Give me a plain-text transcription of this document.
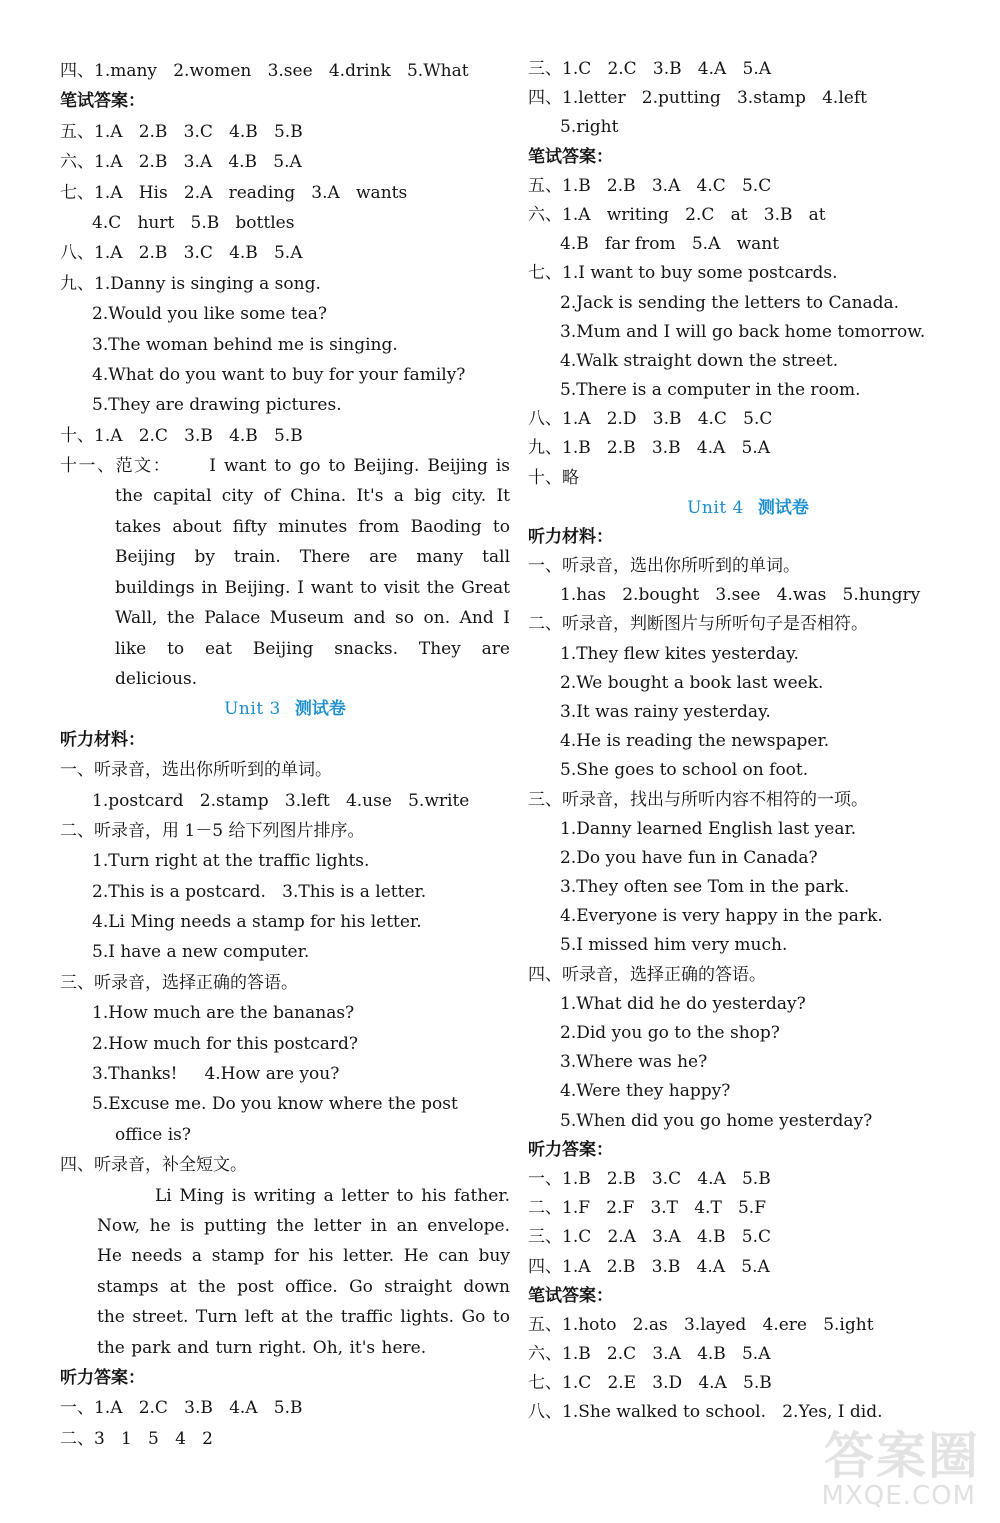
四、1.many   2.women   3.see   4.drink   5.What
笔试答案：
五、1.A   2.B   3.C   4.B   5.B
六、1.A   2.B   3.A   4.B   5.A
七、1.A   His   2.A   reading   3.A   wants
4.C   hurt   5.B   bottles
八、1.A   2.B   3.C   4.B   5.A
九、1.Danny is singing a song.
2.Would you like some tea?
3.The woman behind me is singing.
4.What do you want to buy for your family?
5.They are drawing pictures.
十、1.A   2.C   3.B   4.B   5.B
十一、范文： I want to go to Beijing. Beijing is the capital city of China. It's a big city. It takes about fifty minutes from Baoding to Beijing by train. There are many tall buildings in Beijing. I want to visit the Great Wall, the Palace Museum and so on. And I like to eat Beijing snacks. They are delicious.
Unit 3 测试卷
听力材料：
一、听录音，选出你所听到的单词。
1.postcard   2.stamp   3.left   4.use   5.write
二、听录音，用 1－5 给下列图片排序。
1.Turn right at the traffic lights.
2.This is a postcard.   3.This is a letter.
4.Li Ming needs a stamp for his letter.
5.I have a new computer.
三、听录音，选择正确的答语。
1.How much are the bananas?
2.How much for this postcard?
3.Thanks!     4.How are you?
5.Excuse me. Do you know where the post
office is?
四、听录音，补全短文。
Li Ming is writing a letter to his father. Now, he is putting the letter in an envelope. He needs a stamp for his letter. He can buy stamps at the post office. Go straight down the street. Turn left at the traffic lights. Go to the park and turn right. Oh, it's here.
听力答案：
一、1.A   2.C   3.B   4.A   5.B
二、3   1   5   4   2
三、1.C   2.C   3.B   4.A   5.A
四、1.letter   2.putting   3.stamp   4.left
5.right
笔试答案：
五、1.B   2.B   3.A   4.C   5.C
六、1.A   writing   2.C   at   3.B   at
4.B   far from   5.A   want
七、1.I want to buy some postcards.
2.Jack is sending the letters to Canada.
3.Mum and I will go back home tomorrow.
4.Walk straight down the street.
5.There is a computer in the room.
八、1.A   2.D   3.B   4.C   5.C
九、1.B   2.B   3.B   4.A   5.A
十、略
Unit 4 测试卷
听力材料：
一、听录音，选出你所听到的单词。
1.has   2.bought   3.see   4.was   5.hungry
二、听录音，判断图片与所听句子是否相符。
1.They flew kites yesterday.
2.We bought a book last week.
3.It was rainy yesterday.
4.He is reading the newspaper.
5.She goes to school on foot.
三、听录音，找出与所听内容不相符的一项。
1.Danny learned English last year.
2.Do you have fun in Canada?
3.They often see Tom in the park.
4.Everyone is very happy in the park.
5.I missed him very much.
四、听录音，选择正确的答语。
1.What did he do yesterday?
2.Did you go to the shop?
3.Where was he?
4.Were they happy?
5.When did you go home yesterday?
听力答案：
一、1.B   2.B   3.C   4.A   5.B
二、1.F   2.F   3.T   4.T   5.F
三、1.C   2.A   3.A   4.B   5.C
四、1.A   2.B   3.B   4.A   5.A
笔试答案：
五、1.hoto   2.as   3.layed   4.ere   5.ight
六、1.B   2.C   3.A   4.B   5.A
七、1.C   2.E   3.D   4.A   5.B
八、1.She walked to school.   2.Yes, I did.
答案圈
MXQE.COM
